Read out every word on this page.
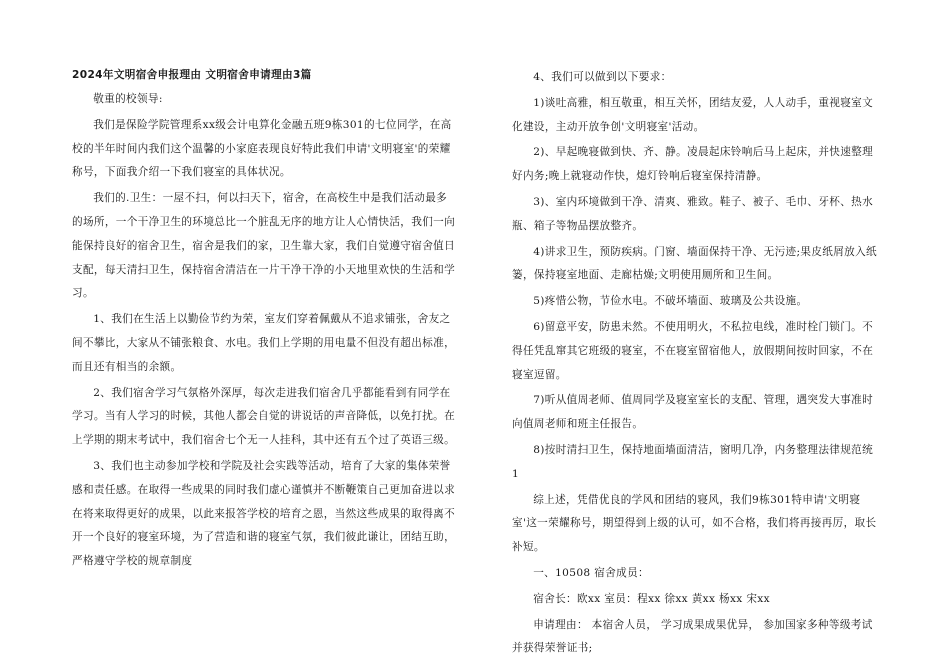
2024年文明宿舍申报理由 文明宿舍申请理由3篇

敬重的校领导:

我们是保险学院管理系xx级会计电算化金融五班9栋301的七位同学，在高校的半年时间内我们这个温馨的小家庭表现良好特此我们申请'文明寝室'的荣耀称号，下面我介绍一下我们寝室的具体状况。

我们的.卫生：一屋不扫，何以扫天下，宿舍，在高校生中是我们活动最多的场所，一个干净卫生的环境总比一个脏乱无序的地方让人心情快活，我们一向能保持良好的宿舍卫生，宿舍是我们的家，卫生靠大家，我们自觉遵守宿舍值日支配，每天清扫卫生，保持宿舍清洁在一片干净干净的小天地里欢快的生活和学习。

1、我们在生活上以勤俭节约为荣，室友们穿着佩戴从不追求铺张，舍友之间不攀比，大家从不铺张粮食、水电。我们上学期的用电量不但没有超出标准，而且还有相当的余额。

2、我们宿舍学习气氛格外深厚，每次走进我们宿舍几乎都能看到有同学在学习。当有人学习的时候，其他人都会自觉的讲说话的声音降低，以免打扰。在上学期的期末考试中，我们宿舍七个无一人挂科，其中还有五个过了英语三级。

3、我们也主动参加学校和学院及社会实践等活动，培育了大家的集体荣誉感和责任感。在取得一些成果的同时我们虚心谨慎并不断鞭策自己更加奋进以求在将来取得更好的成果，以此来报答学校的培育之恩，当然这些成果的取得离不开一个良好的寝室环境，为了营造和谐的寝室气氛，我们彼此谦让，团结互助，严格遵守学校的规章制度

4、我们可以做到以下要求：

1)谈吐高雅，相互敬重，相互关怀，团结友爱，人人动手，重视寝室文化建设，主动开放争创'文明寝室'活动。

2)、早起晚寝做到快、齐、静。凌晨起床铃响后马上起床，并快速整理好内务;晚上就寝动作快，熄灯铃响后寝室保持清静。

3)、室内环境做到干净、清爽、雅致。鞋子、被子、毛巾、牙杯、热水瓶、箱子等物品摆放整齐。

4)讲求卫生，预防疾病。门窗、墙面保持干净、无污迹;果皮纸屑放入纸篓，保持寝室地面、走廊枯燥;文明使用厕所和卫生间。

5)疼惜公物，节俭水电。不破坏墙面、玻璃及公共设施。

6)留意平安，防患未然。不使用明火，不私拉电线，准时栓门锁门。不得任凭乱窜其它班级的寝室，不在寝室留宿他人，放假期间按时回家，不在寝室逗留。

7)听从值周老师、值周同学及寝室室长的支配、管理，遇突发大事准时向值周老师和班主任报告。

8)按时清扫卫生，保持地面墙面清洁，窗明几净，内务整理法律规范统1

综上述，凭借优良的学风和团结的寝风，我们9栋301特申请'文明寝室'这一荣耀称号，期望得到上级的认可，如不合格，我们将再接再厉，取长补短。

一、10508 宿舍成员：

宿舍长：欧xx 室员：程xx 徐xx 黄xx 杨xx 宋xx

申请理由： 本宿舍人员， 学习成果成果优异， 参加国家多种等级考试并获得荣誉证书;
